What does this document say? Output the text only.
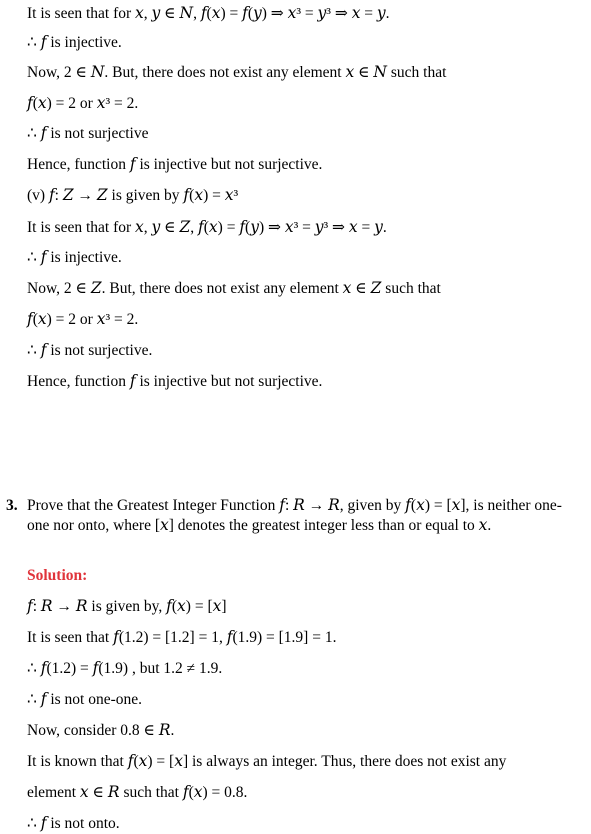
It is seen that for 𝑥, 𝑦 ∈ 𝑁, 𝑓(𝑥) = 𝑓(𝑦) ⇒ 𝑥³ = 𝑦³ ⇒ 𝑥 = 𝑦.
∴ 𝑓 is injective.
Now, 2 ∈ 𝑁. But, there does not exist any element 𝑥 ∈ 𝑁 such that
𝑓(𝑥) = 2 or 𝑥³ = 2.
∴ 𝑓 is not surjective
Hence, function 𝑓 is injective but not surjective.
(v) 𝑓: 𝑍 → 𝑍 is given by 𝑓(𝑥) = 𝑥³
It is seen that for 𝑥, 𝑦 ∈ 𝑍, 𝑓(𝑥) = 𝑓(𝑦) ⇒ 𝑥³ = 𝑦³ ⇒ 𝑥 = 𝑦.
∴ 𝑓 is injective.
Now, 2 ∈ 𝑍. But, there does not exist any element 𝑥 ∈ 𝑍 such that
𝑓(𝑥) = 2 or 𝑥³ = 2.
∴ 𝑓 is not surjective.
Hence, function 𝑓 is injective but not surjective.
3. Prove that the Greatest Integer Function 𝑓: 𝑅 → 𝑅, given by 𝑓(𝑥) = [𝑥], is neither one-
one nor onto, where [𝑥] denotes the greatest integer less than or equal to 𝑥.
Solution:
𝑓: 𝑅 → 𝑅 is given by, 𝑓(𝑥) = [𝑥]
It is seen that 𝑓(1.2) = [1.2] = 1, 𝑓(1.9) = [1.9] = 1.
∴ 𝑓(1.2) = 𝑓(1.9) , but 1.2 ≠ 1.9.
∴ 𝑓 is not one-one.
Now, consider 0.8 ∈ 𝑅.
It is known that 𝑓(𝑥) = [𝑥] is always an integer. Thus, there does not exist any
element 𝑥 ∈ 𝑅 such that 𝑓(𝑥) = 0.8.
∴ 𝑓 is not onto.
